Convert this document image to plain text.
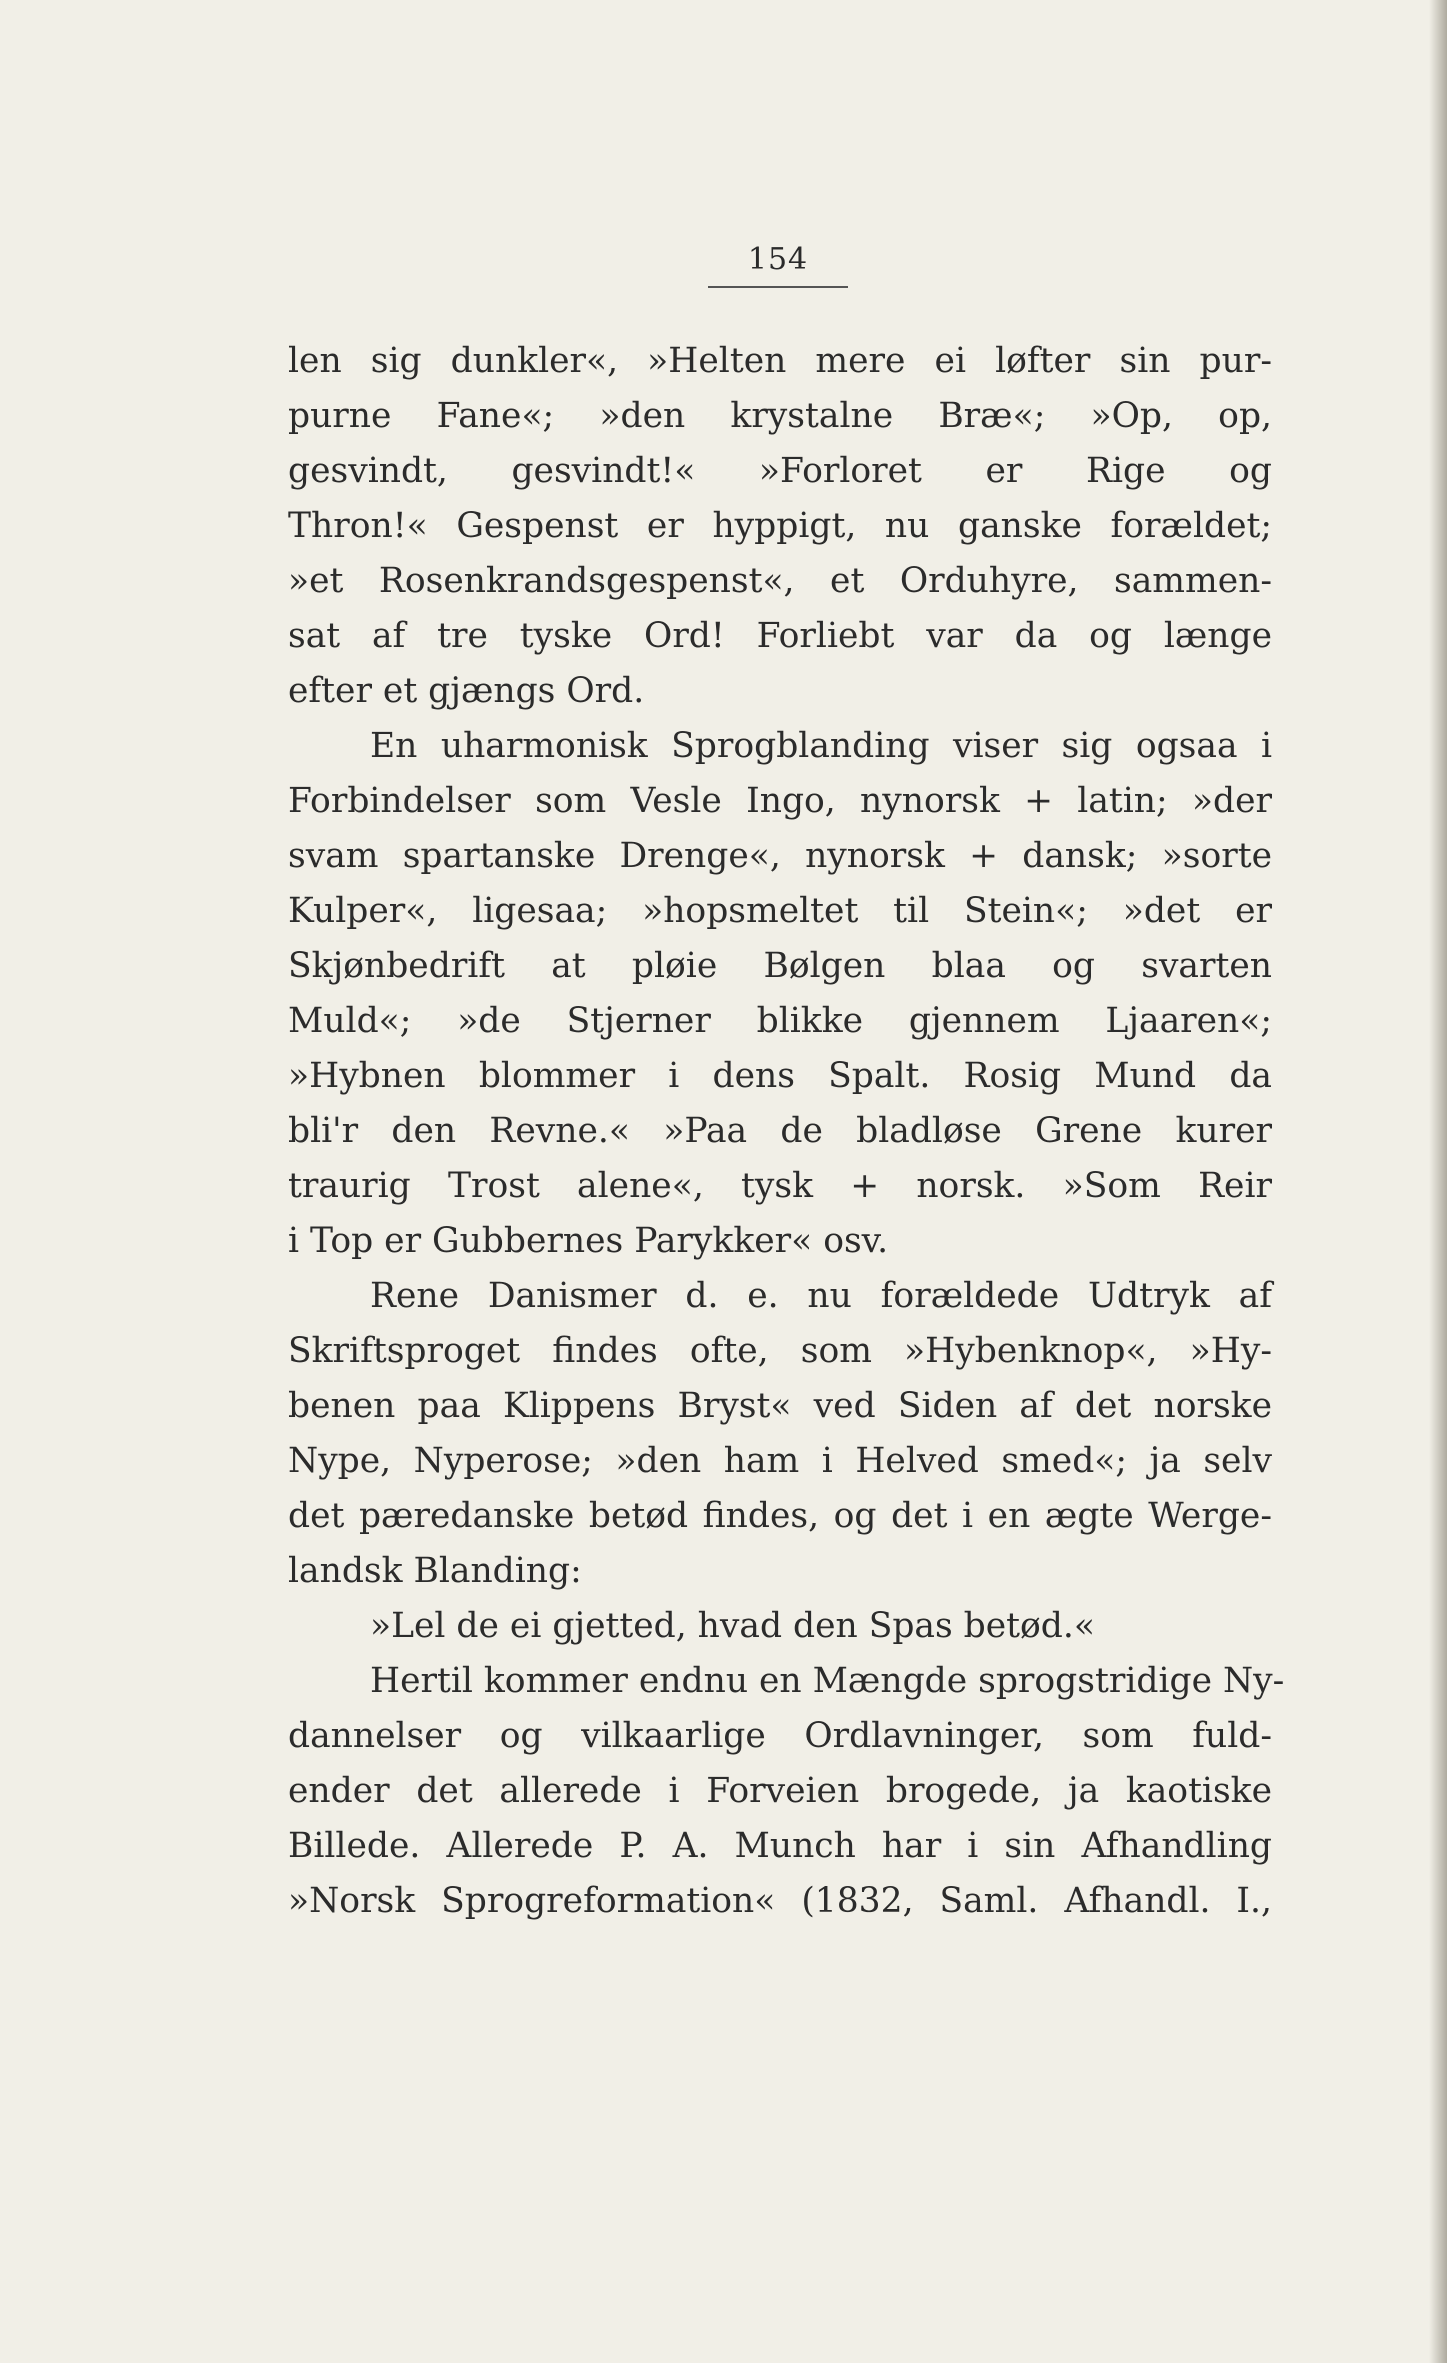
154
len sig dunkler«, »Helten mere ei løfter sin pur-
purne Fane«; »den krystalne Bræ«; »Op, op,
gesvindt, gesvindt!« »Forloret er Rige og
Thron!« Gespenst er hyppigt, nu ganske forældet;
»et Rosenkrandsgespenst«, et Orduhyre, sammen-
sat af tre tyske Ord! Forliebt var da og længe
efter et gjængs Ord.
En uharmonisk Sprogblanding viser sig ogsaa i
Forbindelser som Vesle Ingo, nynorsk + latin; »der
svam spartanske Drenge«, nynorsk + dansk; »sorte
Kulper«, ligesaa; »hopsmeltet til Stein«; »det er
Skjønbedrift at pløie Bølgen blaa og svarten
Muld«; »de Stjerner blikke gjennem Ljaaren«;
»Hybnen blommer i dens Spalt. Rosig Mund da
bli'r den Revne.« »Paa de bladløse Grene kurer
traurig Trost alene«, tysk + norsk. »Som Reir
i Top er Gubbernes Parykker« osv.
Rene Danismer d. e. nu forældede Udtryk af
Skriftsproget findes ofte, som »Hybenknop«, »Hy-
benen paa Klippens Bryst« ved Siden af det norske
Nype, Nyperose; »den ham i Helved smed«; ja selv
det pæredanske betød findes, og det i en ægte Werge-
landsk Blanding:
»Lel de ei gjetted, hvad den Spas betød.«
Hertil kommer endnu en Mængde sprogstridige Ny-
dannelser og vilkaarlige Ordlavninger, som fuld-
ender det allerede i Forveien brogede, ja kaotiske
Billede. Allerede P. A. Munch har i sin Afhandling
»Norsk Sprogreformation« (1832, Saml. Afhandl. I.,
